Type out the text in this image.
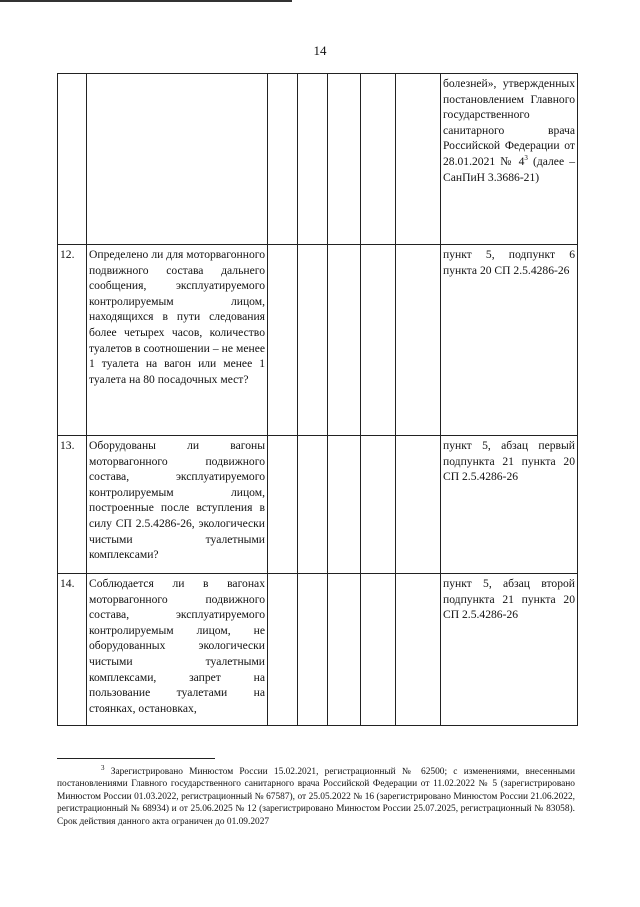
14
							болезней», утвержденных постановлением Главного государственного санитарного врача Российской Федерации от 28.01.2021 № $4^3$ (далее – СанПиН 3.3686-21)
12.	Определено ли для моторвагонного подвижного состава дальнего сообщения, эксплуатируемого контролируемым лицом, находящихся в пути следования более четырех часов, количество туалетов в соотношении – не менее 1 туалета на вагон или менее 1 туалета на 80 посадочных мест?						пункт 5, подпункт 6 пункта 20 СП 2.5.4286-26
13.	Оборудованы ли вагоны моторвагонного подвижного состава, эксплуатируемого контролируемым лицом, построенные после вступления в силу СП 2.5.4286-26, экологически чистыми туалетными комплексами?						пункт 5, абзац первый подпункта 21 пункта 20 СП 2.5.4286-26
14.	Соблюдается ли в вагонах моторвагонного подвижного состава, эксплуатируемого контролируемым лицом, не оборудованных экологически чистыми туалетными комплексами, запрет на пользование туалетами на стоянках, остановках,						пункт 5, абзац второй подпункта 21 пункта 20 СП 2.5.4286-26
$^3$ Зарегистрировано Минюстом России 15.02.2021, регистрационный № 62500; с изменениями, внесенными постановлениями Главного государственного санитарного врача Российской Федерации от 11.02.2022 № 5 (зарегистрировано Минюстом России 01.03.2022, регистрационный № 67587), от 25.05.2022 № 16 (зарегистрировано Минюстом России 21.06.2022, регистрационный № 68934) и от 25.06.2025 № 12 (зарегистрировано Минюстом России 25.07.2025, регистрационный № 83058). Срок действия данного акта ограничен до 01.09.2027
